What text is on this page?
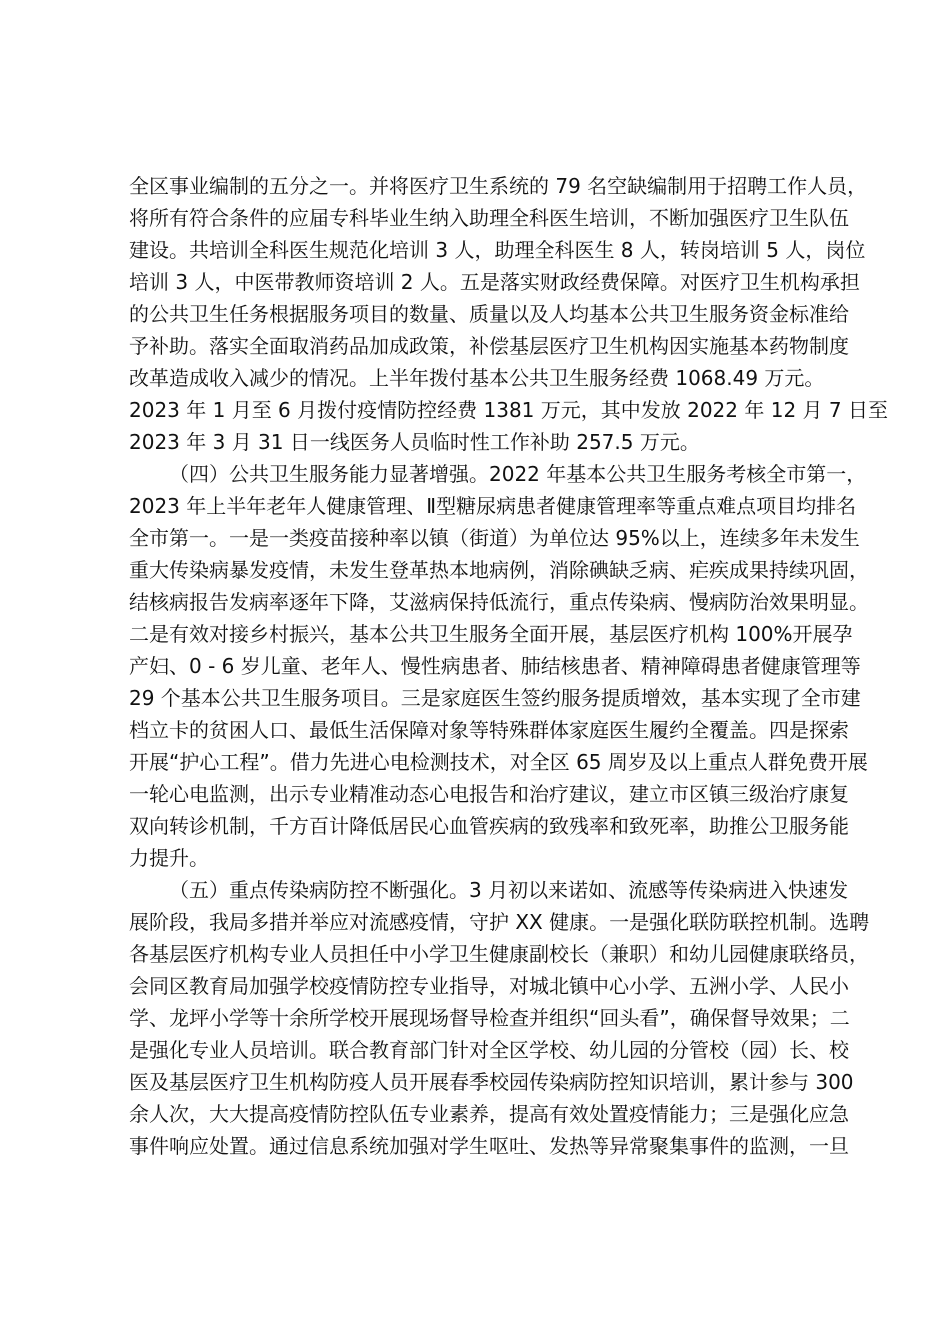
全区事业编制的五分之一。并将医疗卫生系统的 79 名空缺编制用于招聘工作人员，
将所有符合条件的应届专科毕业生纳入助理全科医生培训，不断加强医疗卫生队伍
建设。共培训全科医生规范化培训 3 人，助理全科医生 8 人，转岗培训 5 人，岗位
培训 3 人，中医带教师资培训 2 人。五是落实财政经费保障。对医疗卫生机构承担
的公共卫生任务根据服务项目的数量、质量以及人均基本公共卫生服务资金标准给
予补助。落实全面取消药品加成政策，补偿基层医疗卫生机构因实施基本药物制度
改革造成收入减少的情况。上半年拨付基本公共卫生服务经费 1068.49 万元。
2023 年 1 月至 6 月拨付疫情防控经费 1381 万元，其中发放 2022 年 12 月 7 日至
2023 年 3 月 31 日一线医务人员临时性工作补助 257.5 万元。
（四）公共卫生服务能力显著增强。2022 年基本公共卫生服务考核全市第一，
2023 年上半年老年人健康管理、Ⅱ型糖尿病患者健康管理率等重点难点项目均排名
全市第一。一是一类疫苗接种率以镇（街道）为单位达 95%以上，连续多年未发生
重大传染病暴发疫情，未发生登革热本地病例，消除碘缺乏病、疟疾成果持续巩固，
结核病报告发病率逐年下降，艾滋病保持低流行，重点传染病、慢病防治效果明显。
二是有效对接乡村振兴，基本公共卫生服务全面开展，基层医疗机构 100%开展孕
产妇、0 - 6 岁儿童、老年人、慢性病患者、肺结核患者、精神障碍患者健康管理等
29 个基本公共卫生服务项目。三是家庭医生签约服务提质增效，基本实现了全市建
档立卡的贫困人口、最低生活保障对象等特殊群体家庭医生履约全覆盖。四是探索
开展“护心工程”。借力先进心电检测技术，对全区 65 周岁及以上重点人群免费开展
一轮心电监测，出示专业精准动态心电报告和治疗建议，建立市区镇三级治疗康复
双向转诊机制，千方百计降低居民心血管疾病的致残率和致死率，助推公卫服务能
力提升。
（五）重点传染病防控不断强化。3 月初以来诺如、流感等传染病进入快速发
展阶段，我局多措并举应对流感疫情，守护 XX 健康。一是强化联防联控机制。选聘
各基层医疗机构专业人员担任中小学卫生健康副校长（兼职）和幼儿园健康联络员，
会同区教育局加强学校疫情防控专业指导，对城北镇中心小学、五洲小学、人民小
学、龙坪小学等十余所学校开展现场督导检查并组织“回头看”，确保督导效果；二
是强化专业人员培训。联合教育部门针对全区学校、幼儿园的分管校（园）长、校
医及基层医疗卫生机构防疫人员开展春季校园传染病防控知识培训，累计参与 300
余人次，大大提高疫情防控队伍专业素养，提高有效处置疫情能力；三是强化应急
事件响应处置。通过信息系统加强对学生呕吐、发热等异常聚集事件的监测，一旦
